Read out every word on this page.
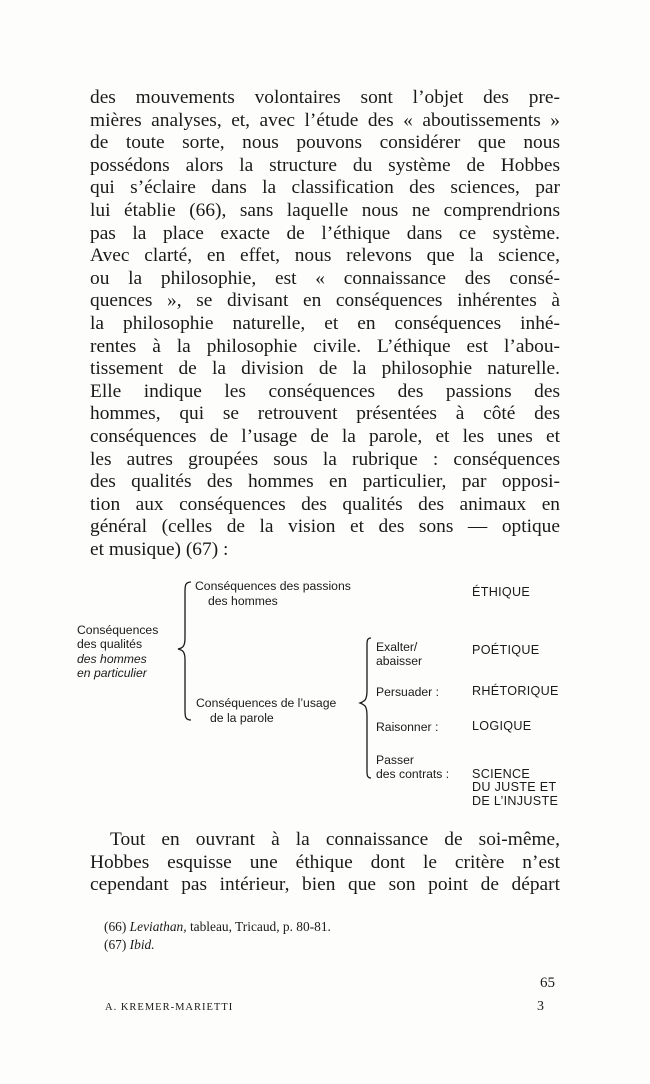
des mouvements volontaires sont l’objet des pre-
mières analyses, et, avec l’étude des « aboutissements »
de toute sorte, nous pouvons considérer que nous
possédons alors la structure du système de Hobbes
qui s’éclaire dans la classification des sciences, par
lui établie (66), sans laquelle nous ne comprendrions
pas la place exacte de l’éthique dans ce système.
Avec clarté, en effet, nous relevons que la science,
ou la philosophie, est « connaissance des consé-
quences », se divisant en conséquences inhérentes à
la philosophie naturelle, et en conséquences inhé-
rentes à la philosophie civile. L’éthique est l’abou-
tissement de la division de la philosophie naturelle.
Elle indique les conséquences des passions des
hommes, qui se retrouvent présentées à côté des
conséquences de l’usage de la parole, et les unes et
les autres groupées sous la rubrique : conséquences
des qualités des hommes en particulier, par opposi-
tion aux conséquences des qualités des animaux en
général (celles de la vision et des sons — optique
et musique) (67) :
Conséquences
des qualités
des hommes
en particulier
Conséquences des passions
des hommes
ÉTHIQUE
Conséquences de l’usage
de la parole
Exalter/
abaisser
POÉTIQUE
Persuader :	RHÉTORIQUE
Raisonner :	LOGIQUE
Passer
des contrats : SCIENCE
DU JUSTE ET
DE L’INJUSTE
Tout en ouvrant à la connaissance de soi-même,
Hobbes esquisse une éthique dont le critère n’est
cependant pas intérieur, bien que son point de départ
(66) Leviathan, tableau, Tricaud, p. 80-81.
(67) Ibid.
65
A. KREMER-MARIETTI	3
